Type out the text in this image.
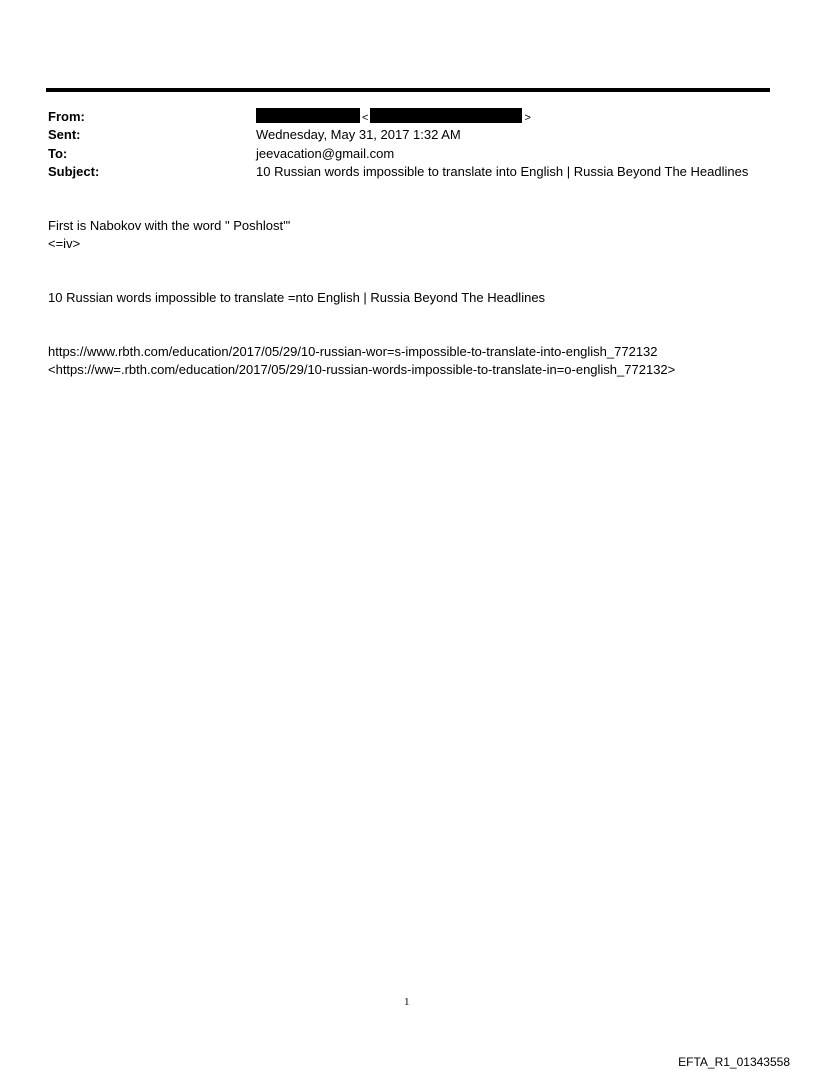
From:	<	>
Sent:	Wednesday, May 31, 2017 1:32 AM
To:	jeevacation@gmail.com
Subject:	10 Russian words impossible to translate into English | Russia Beyond The Headlines
First is Nabokov with the word " Poshlost'"
<=iv>
10 Russian words impossible to translate =nto English | Russia Beyond The Headlines
https://www.rbth.com/education/2017/05/29/10-russian-wor=s-impossible-to-translate-into-english_772132
<https://ww=.rbth.com/education/2017/05/29/10-russian-words-impossible-to-translate-in=o-english_772132>
1
EFTA_R1_01343558
